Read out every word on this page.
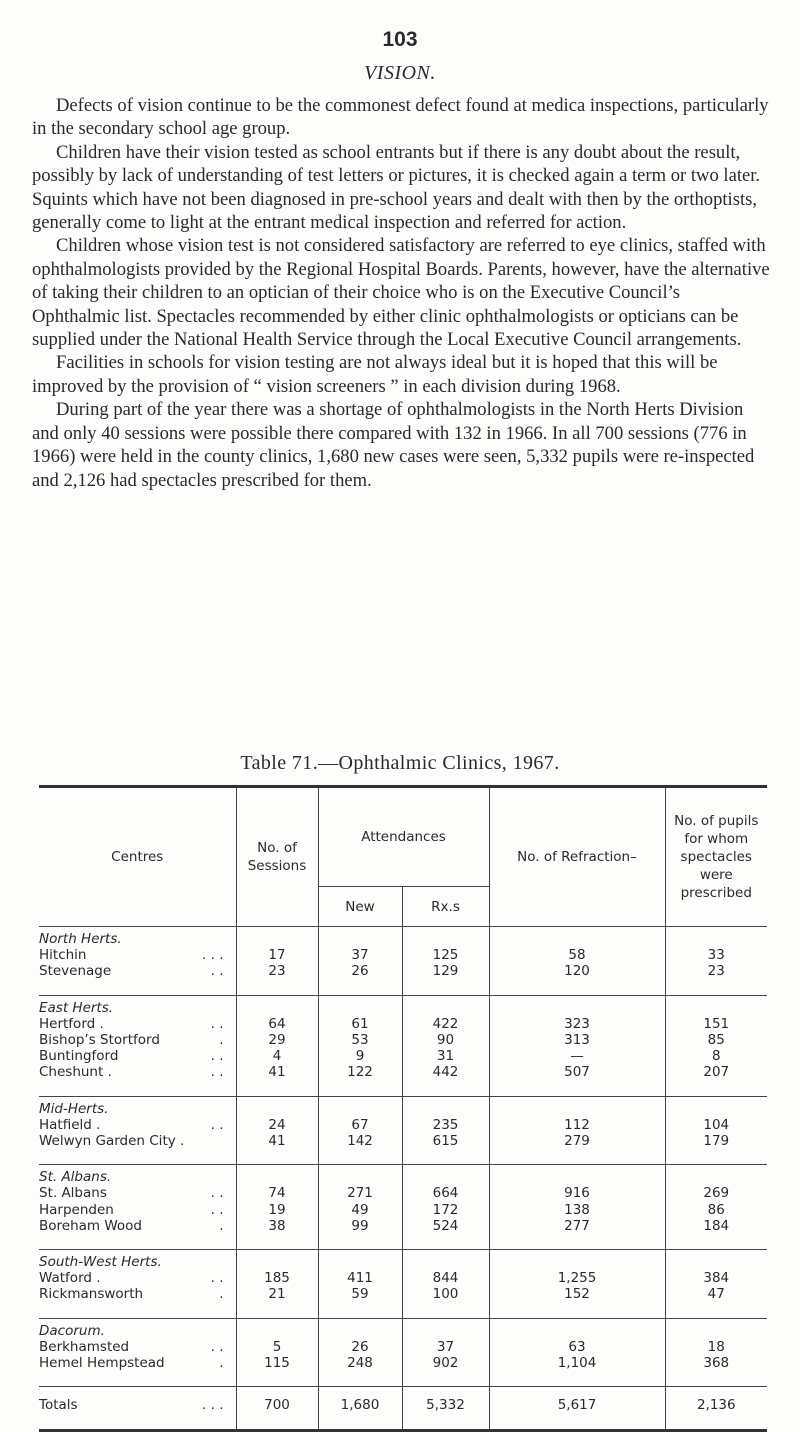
103
VISION.

Defects of vision continue to be the commonest defect found at medica inspections, particularly in the secondary school age group.

Children have their vision tested as school entrants but if there is any doubt about the result, possibly by lack of understanding of test letters or pictures, it is checked again a term or two later. Squints which have not been diagnosed in pre-school years and dealt with then by the orthoptists, generally come to light at the entrant medical inspection and referred for action.

Children whose vision test is not considered satisfactory are referred to eye clinics, staffed with ophthalmologists provided by the Regional Hospital Boards. Parents, however, have the alternative of taking their children to an optician of their choice who is on the Executive Council’s Ophthalmic list. Spectacles recommended by either clinic ophthalmologists or opticians can be supplied under the National Health Service through the Local Executive Council arrangements.

Facilities in schools for vision testing are not always ideal but it is hoped that this will be improved by the provision of “ vision screeners ” in each division during 1968.

During part of the year there was a shortage of ophthalmologists in the North Herts Division and only 40 sessions were possible there compared with 132 in 1966. In all 700 sessions (776 in 1966) were held in the county clinics, 1,680 new cases were seen, 5,332 pupils were re-inspected and 2,126 had spectacles prescribed for them.

Table 71.—Ophthalmic Clinics, 1967.
Centres	No. of Sessions	Attendances		No. of Refraction–	No. of pupils for whom spectacles were prescribed
		New	Rx.s		
North Herts.					
Hitchin . . .	17	37	125	58	33
Stevenage . .	23	26	129	120	23
East Herts.					
Hertford . . .	64	61	422	323	151
Bishop’s Stortford .	29	53	90	313	85
Buntingford . .	4	9	31	—	8
Cheshunt . . .	41	122	442	507	207
Mid-Herts.					
Hatfield . . .	24	67	235	112	104
Welwyn Garden City .	41	142	615	279	179
St. Albans.					
St. Albans . .	74	271	664	916	269
Harpenden . .	19	49	172	138	86
Boreham Wood .	38	99	524	277	184
South-West Herts.					
Watford . . .	185	411	844	1,255	384
Rickmansworth .	21	59	100	152	47
Dacorum.					
Berkhamsted . .	5	26	37	63	18
Hemel Hempstead .	115	248	902	1,104	368
Totals . . .	700	1,680	5,332	5,617	2,136
